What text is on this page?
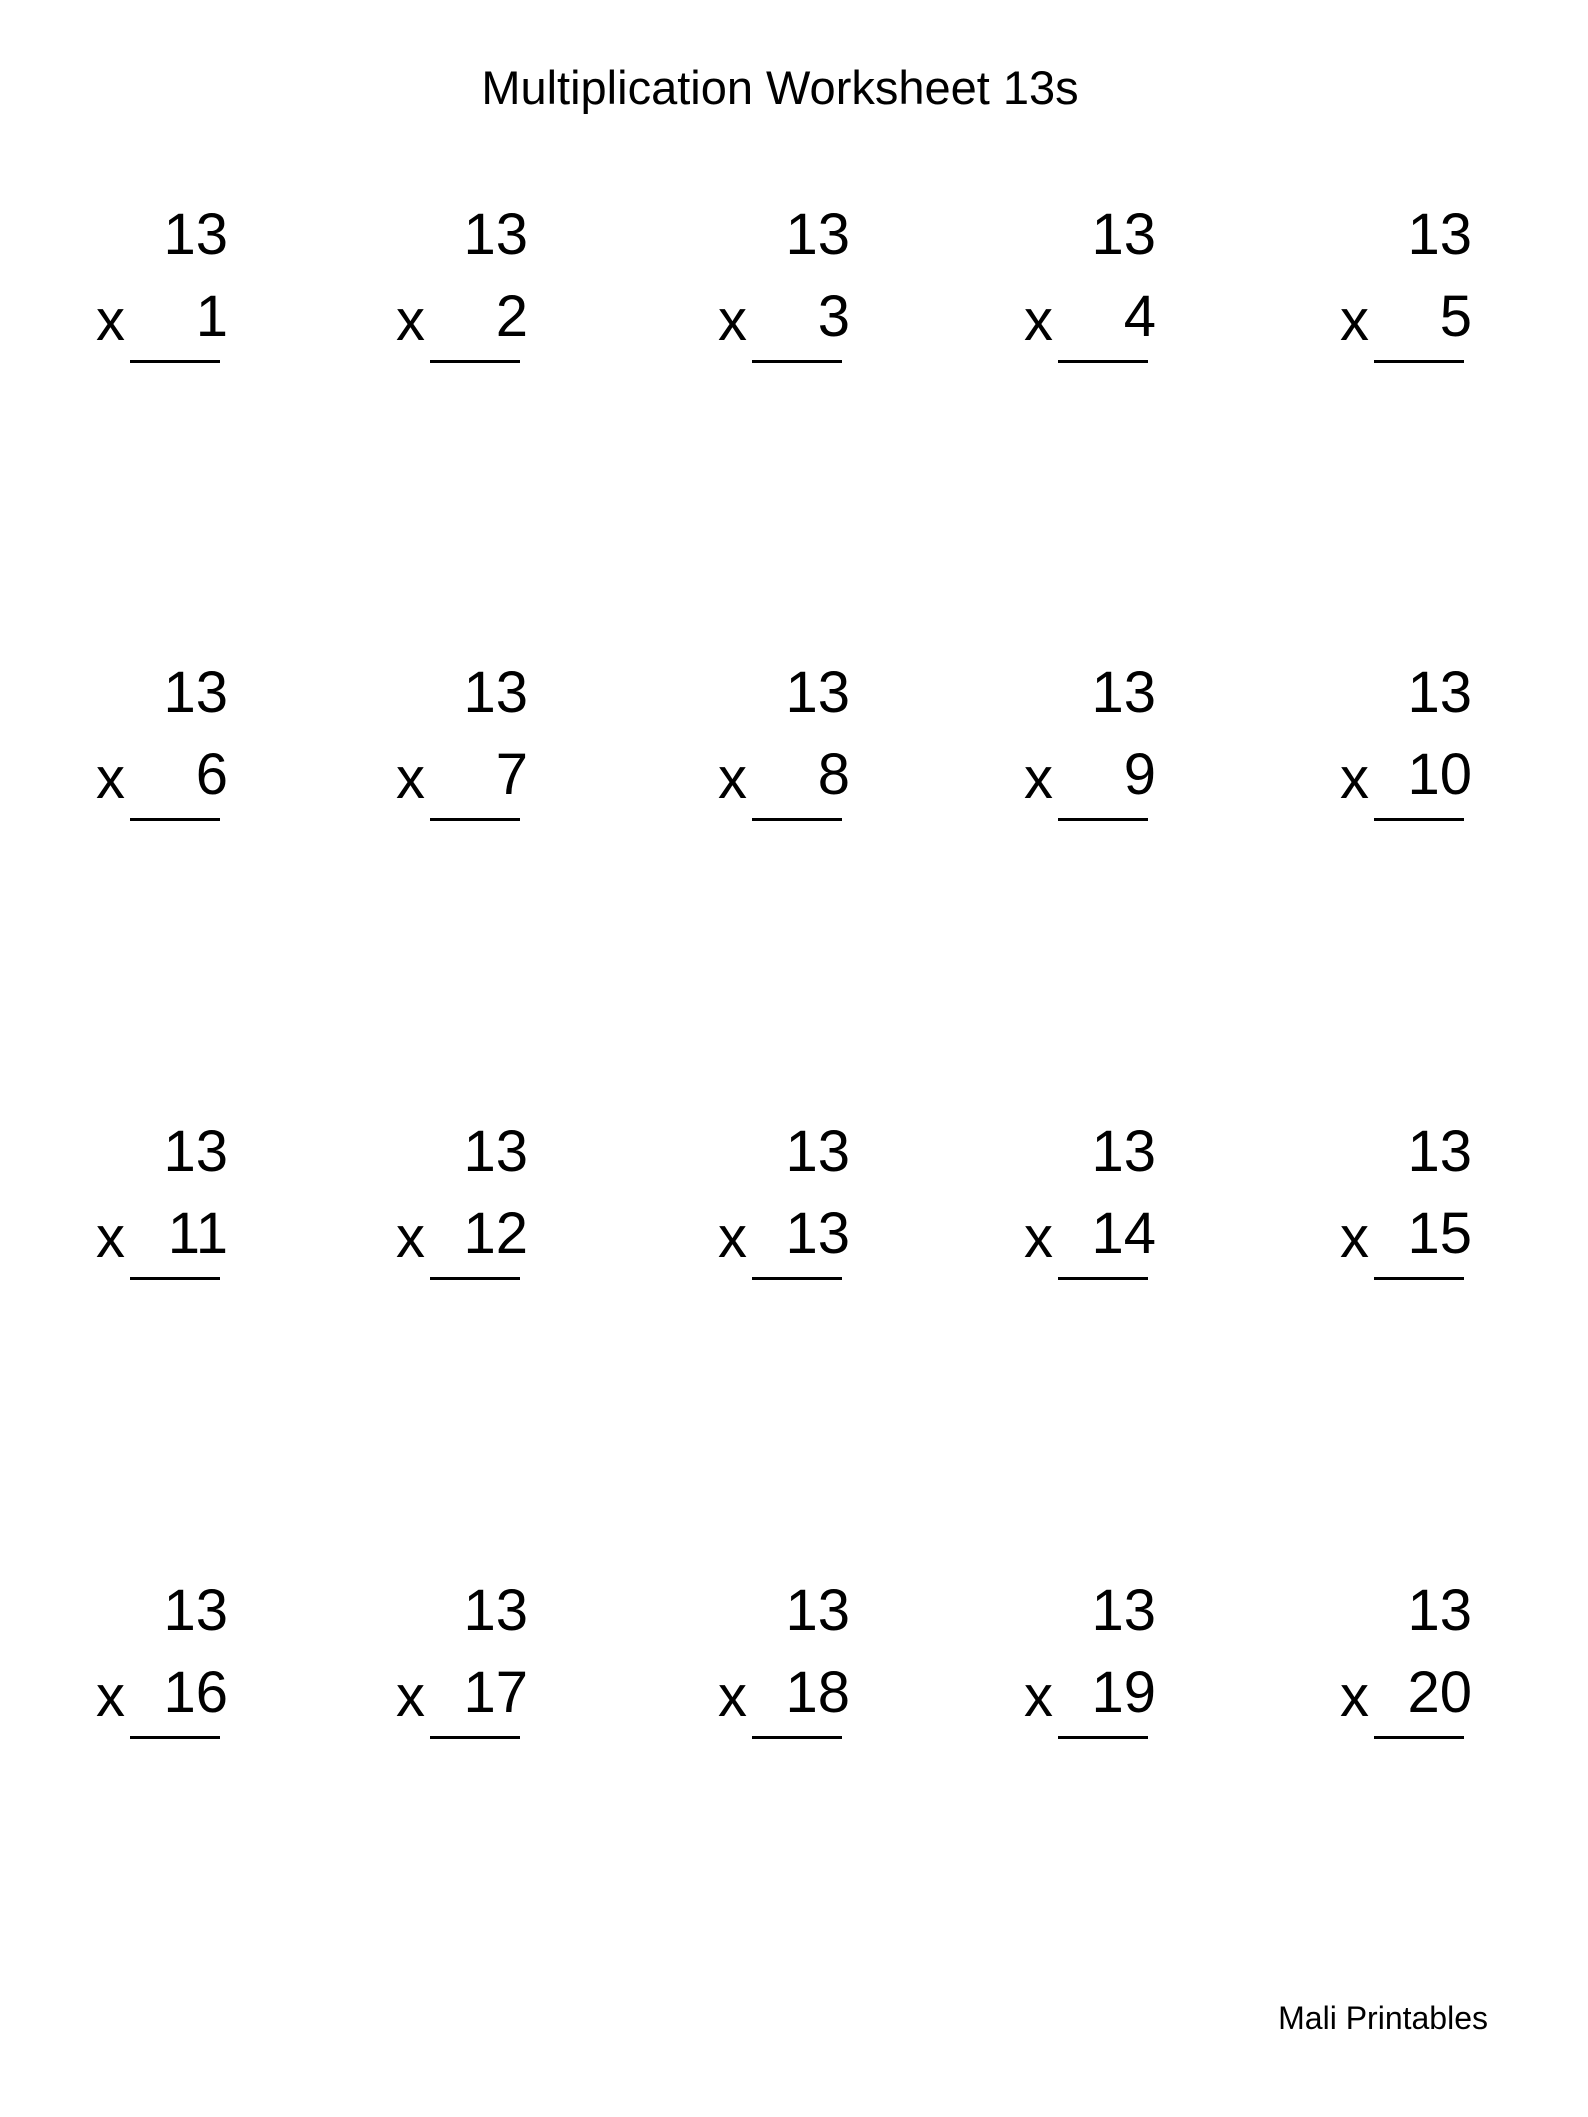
Multiplication Worksheet 13s
13
x 1
13
x 2
13
x 3
13
x 4
13
x 5
13
x 6
13
x 7
13
x 8
13
x 9
13
x 10
13
x 11
13
x 12
13
x 13
13
x 14
13
x 15
13
x 16
13
x 17
13
x 18
13
x 19
13
x 20
Mali Printables
